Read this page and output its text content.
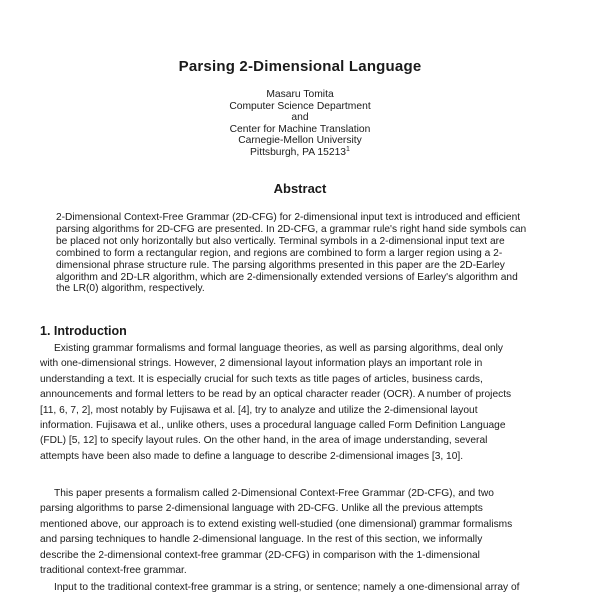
Parsing 2-Dimensional Language
Masaru Tomita
Computer Science Department
and
Center for Machine Translation
Carnegie-Mellon University
Pittsburgh, PA 15213$^1$
Abstract
2-Dimensional Context-Free Grammar (2D-CFG) for 2-dimensional input text is introduced and efficient
parsing algorithms for 2D-CFG are presented. In 2D-CFG, a grammar rule's right hand side symbols can
be placed not only horizontally but also vertically. Terminal symbols in a 2-dimensional input text are
combined to form a rectangular region, and regions are combined to form a larger region using a 2-
dimensional phrase structure rule. The parsing algorithms presented in this paper are the 2D-Earley
algorithm and 2D-LR algorithm, which are 2-dimensionally extended versions of Earley's algorithm and
the LR(0) algorithm, respectively.
1. Introduction
Existing grammar formalisms and formal language theories, as well as parsing algorithms, deal only
with one-dimensional strings. However, 2 dimensional layout information plays an important role in
understanding a text. It is especially crucial for such texts as title pages of articles, business cards,
announcements and formal letters to be read by an optical character reader (OCR). A number of projects
[11, 6, 7, 2], most notably by Fujisawa et al. [4], try to analyze and utilize the 2-dimensional layout
information. Fujisawa et al., unlike others, uses a procedural language called Form Definition Language
(FDL) [5, 12] to specify layout rules. On the other hand, in the area of image understanding, several
attempts have been also made to define a language to describe 2-dimensional images [3, 10].
This paper presents a formalism called 2-Dimensional Context-Free Grammar (2D-CFG), and two
parsing algorithms to parse 2-dimensional language with 2D-CFG. Unlike all the previous attempts
mentioned above, our approach is to extend existing well-studied (one dimensional) grammar formalisms
and parsing techniques to handle 2-dimensional language. In the rest of this section, we informally
describe the 2-dimensional context-free grammar (2D-CFG) in comparison with the 1-dimensional
traditional context-free grammar.
Input to the traditional context-free grammar is a string, or sentence; namely a one-dimensional array of
